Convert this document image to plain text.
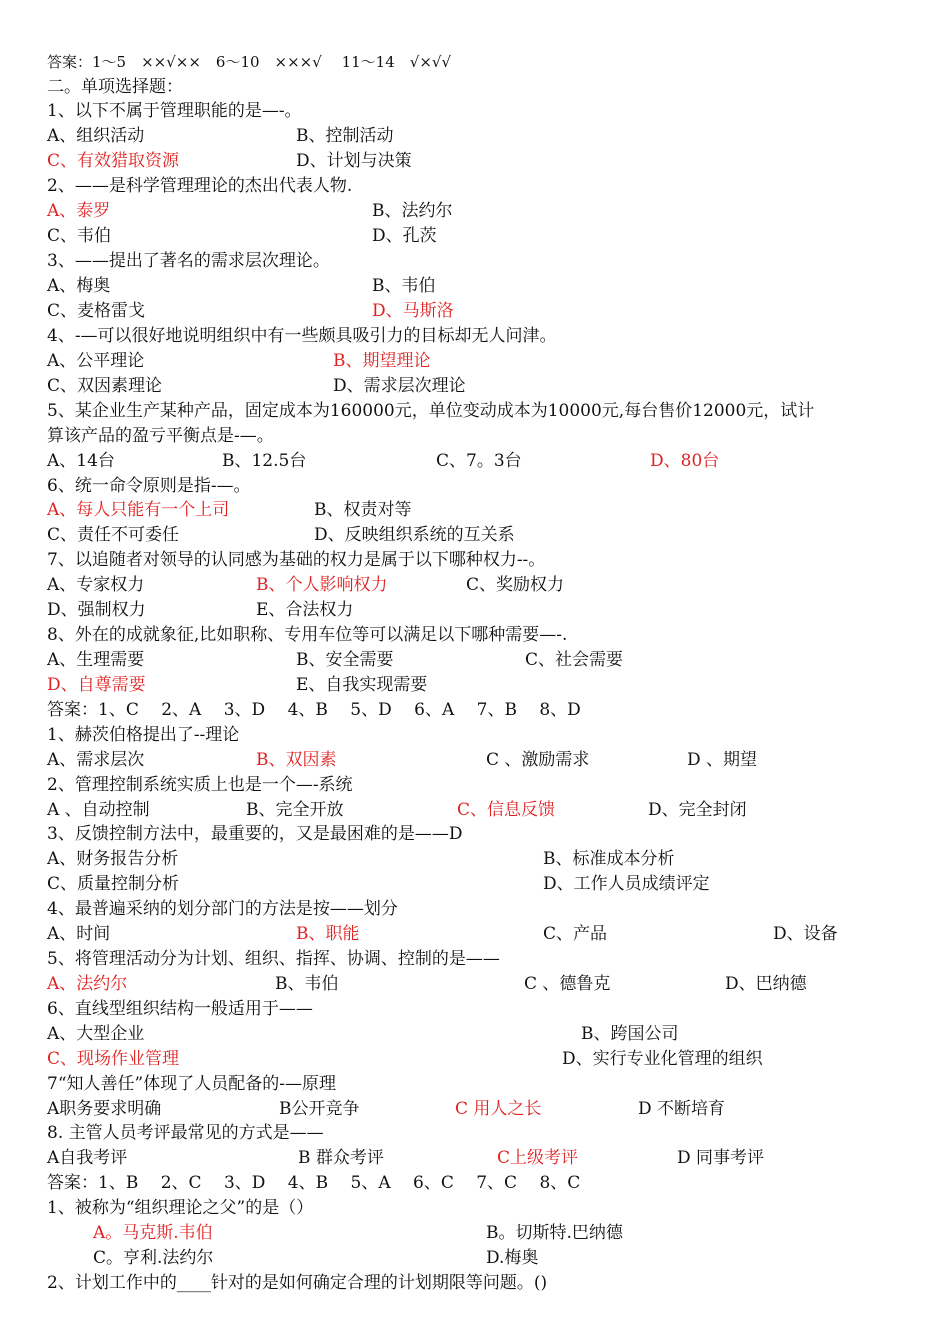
答案：1～5　××√××　6～10　×××√　 11～14　√×√√
二。单项选择题：
1、以下不属于管理职能的是—-。
A、组织活动	B、控制活动
C、有效猎取资源	D、计划与决策
2、——是科学管理理论的杰出代表人物.
A、泰罗	B、法约尔
C、韦伯	D、孔茨
3、——提出了著名的需求层次理论。
A、梅奥	B、韦伯
C、麦格雷戈	D、马斯洛
4、-—可以很好地说明组织中有一些颇具吸引力的目标却无人问津。
A、公平理论	B、期望理论
C、双因素理论	D、需求层次理论
5、某企业生产某种产品，固定成本为160000元，单位变动成本为10000元,每台售价12000元，试计
算该产品的盈亏平衡点是-—。
A、14台	B、12.5台	C、7。3台	D、80台
6、统一命令原则是指-—。
A、每人只能有一个上司	B、权责对等
C、责任不可委任	D、反映组织系统的互关系
7、以追随者对领导的认同感为基础的权力是属于以下哪种权力--。
A、专家权力	B、个人影响权力	C、奖励权力
D、强制权力	E、合法权力
8、外在的成就象征,比如职称、专用车位等可以满足以下哪种需要—-.
A、生理需要	B、安全需要	C、社会需要
D、自尊需要	E、自我实现需要
答案：1、C　 2、A　 3、D　 4、B　 5、D　 6、A　 7、B　 8、D
1、赫茨伯格提出了--理论
A、需求层次	B、双因素	C 、激励需求	D 、期望
2、管理控制系统实质上也是一个—-系统
A 、自动控制	B、完全开放	C、信息反馈	D、完全封闭
3、反馈控制方法中，最重要的，又是最困难的是——D
A、财务报告分析	B、标准成本分析
C、质量控制分析	D、工作人员成绩评定
4、最普遍采纳的划分部门的方法是按——划分
A、时间	B、职能	C、产品	D、设备
5、将管理活动分为计划、组织、指挥、协调、控制的是——
A、法约尔	B、韦伯	C 、德鲁克	D、巴纳德
6、直线型组织结构一般适用于——
A、大型企业	B、跨国公司
C、现场作业管理	D、实行专业化管理的组织
7“知人善任”体现了人员配备的-—原理
A职务要求明确	B公开竞争	C 用人之长	D 不断培育
8. 主管人员考评最常见的方式是——
A自我考评	B 群众考评	C上级考评	D 同事考评
答案：1、B　 2、C　 3、D　 4、B　 5、A　 6、C　 7、C　 8、C
1、被称为“组织理论之父”的是（）
A。马克斯.韦伯	B。切斯特.巴纳德
C。亨利.法约尔	D.梅奥
2、计划工作中的____针对的是如何确定合理的计划期限等问题。()
